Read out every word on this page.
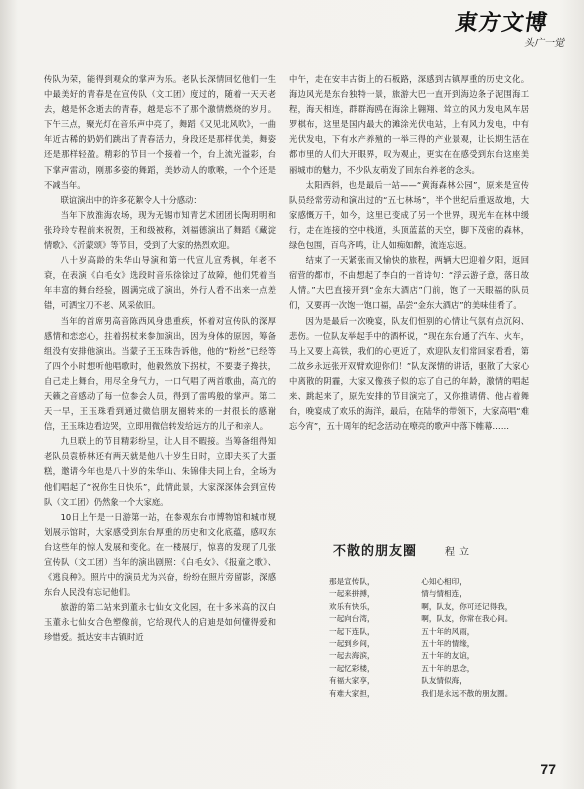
東方文博
头广一觉

传队为荣，能得到观众的掌声为乐。老队长深情回忆他们一生中最美好的青春是在宣传队（文工团）度过的，随着一天天老去，越是怀念逝去的青春，越是忘不了那个激情燃烧的岁月。下午三点，聚光灯在音乐声中亮了，舞蹈《又见北风吹》，一曲年近古稀的奶奶们跳出了青春活力，身段还是那样优美，舞姿还是那样轻盈。精彩的节目一个接着一个，台上流光溢彩，台下掌声雷动，刚那多姿的舞蹈，美妙动人的歌喉，一个个还是不减当年。

联谊演出中的许多花絮令人十分感动：

当年下放淮海农场，现为无锡市知青艺术团团长陶玥明和张玲玲专程前来祝贺，王和级被称，刘福德演出了舞蹈《藏淀情歌》、《沂蒙颂》等节目，受到了大家的热烈欢迎。

八十岁高龄的朱华山导演和第一代宣儿宣秀枫，年老不衰，在表演《白毛女》选段时音乐徐徐过了故障，他们凭着当年丰富的舞台经验，圆满完成了演出，外行人看不出来一点差错，可洒宝刀不老、风采依旧。

当年的首席男高音陈西风身患重疾，怀着对宣传队的深厚感情和恋恋心，拄着拐杖来参加演出，因为身体的原因，筹备组没有安排他演出。当蒙子王玉珠告诉他，他的“粉丝”已经等了四个小时想听他唱歌时，他毅然放下拐杖，不要妻子搀扶，自己走上舞台，用尽全身气力，一口气唱了两首歌曲，高亢的天籁之音感动了每一位参会人员，得到了雷鸣般的掌声。第二天一早，王玉珠看到通过微信朋友圈转来的一封很长的感谢信，王玉珠边看边哭，立即用微信转发给远方的儿子和亲人。

九旦联上的节目精彩纷呈，让人目不暇接。当筹备组得知老队员袁桥林还有两天就是他八十岁生日时，立即夫买了大蛋糕，邀请今年也是八十岁的朱华山、朱锦俳夫同上台，全场为他们唱起了“祝你生日快乐”，此情此景，大家深深体会到宣传队（文工团）仍然象一个大家庭。

10日上午是一日游第一站，在参观东台市博物馆和城市规划展示馆时，大家感受到东台厚重的历史和文化底蕴，感叹东台这些年的惊人发展和变化。在一楼展厅，惊喜的发现了几张宣传队（文工团）当年的演出剧照：《白毛女》、《报童之歌》、《逃良种》。照片中的演员尤为兴奋，纷纷在照片旁留影，深感东台人民没有忘记他们。

旅游的第二站来到董永七仙女文化园，在十多米高的汉白玉董永七仙女合色塑像前，它给现代人的启迪是如何懂得爱和珍惜爱。抵达安丰古镇时近

中午，走在安丰古街上的石板路，深感到古镇厚重的历史文化。海边风光是东台独特一景，旅游大巴一直开到海边条子泥围海工程，海天相连，群群海鸥在海涂上翱翔、耸立的风力发电风车居罗棋布，这里是国内最大的滩涂光伏电站，上有风力发电，中有光伏发电，下有水产养殖的一举三得的产业景观，让长期生活在都市里的人们大开眼界，叹为观止，更实在在感受到东台这座美丽城市的魅力，不少队友萌发了回东台养老的念头。

太阳西斜，也是最后一站——“黄海森林公园”，原来是宣传队员经常劳动和演出过的“五七林场”，半个世纪后重返故地，大家感慨万千，如今，这里已变成了另一个世界，现光车在林中缓行，走在连接的空中栈道，头顶蓝蓝的天空，脚下茂密的森林，绿色包围，百鸟齐鸣，让人如痴如醉，流连忘返。

结束了一天紧张而又愉快的旅程，两辆大巴迎着夕阳，返回宿营的都市，不由想起了李白的一首诗句：“浮云游子意，落日故人情。”大巴直接开到“金东大酒店”门前，饱了一天眼福的队员们，又要再一次饱一饱口福，品尝“金东大酒店”的美味佳肴了。

因为是最后一次晚宴，队友们恒别的心情让气氛有点沉闷、悲伤。一位队友举起手中的酒杯说，“现在东台通了汽车、火车，马上又要上高铁，我们的心更近了，欢迎队友们常回家看看，第二故乡永远张开双臂欢迎你们！”队友深情的讲话，驱散了大家心中离散的阴霾，大家又像孩子似的忘了自己的年龄，激情的唱起来、跳起来了，原先安排的节目演完了，又你推请倩、他占着舞台，晚宴成了欢乐的海洋，最后，在陆华的带领下，大家高唱“难忘今宵”，五十周年的纪念活动在嘹亮的歌声中落下帷幕……

不散的朋友圈	程立
那是宣传队，
一起来拼搏，
欢乐有快乐，
一起向台湾，
一起下连队，
一起到乡间，
一起去海滨，
一起忆彩楼，
有福大家享，
有难大家担，
心知心相印，
情与情相连，
啊，队友，你可还记得我，
啊，队友，你常在我心间。
五十年的风雨，
五十年的情缘，
五十年的友谊，
五十年的思念，
队友情似海，
我们是永远不散的朋友圈。
77
